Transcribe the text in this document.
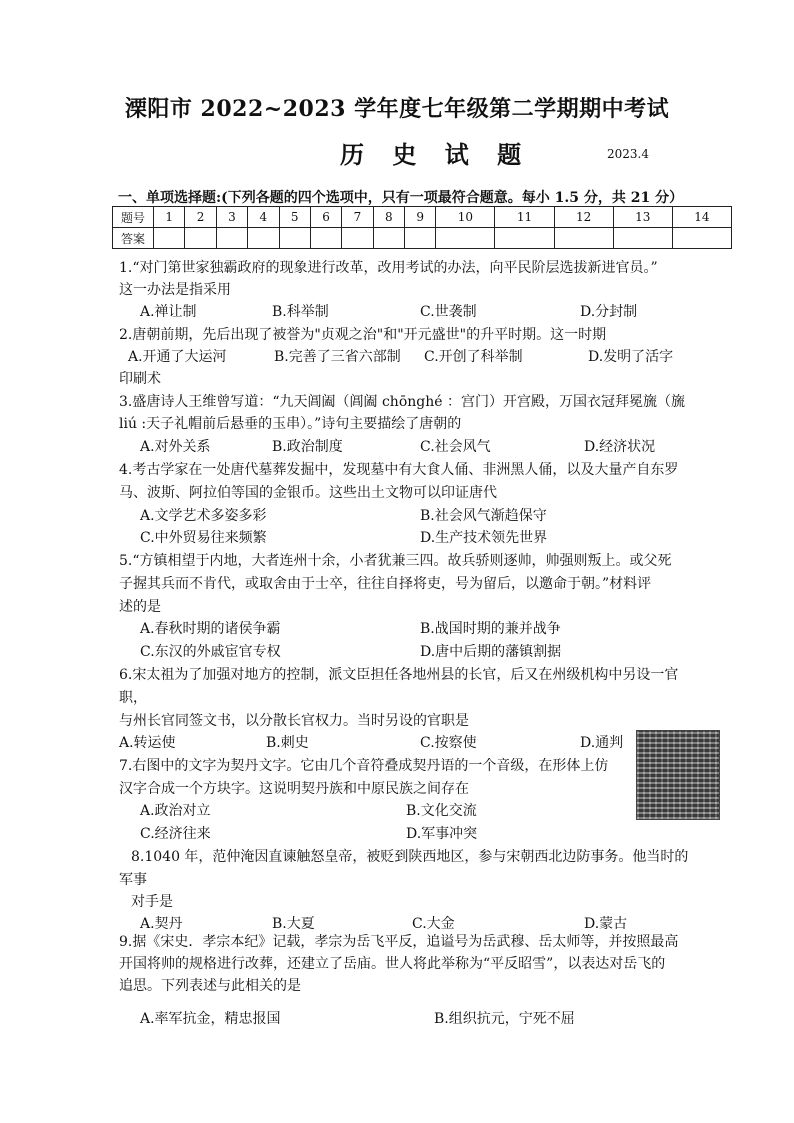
溧阳市 2022~2023 学年度七年级第二学期期中考试
历 史 试 题	2023.4
一、单项选择题:(下列各题的四个选项中，只有一项最符合题意。每小 1.5 分，共 21 分）
题号	1	2	3	4	5	6	7	8	9	10	11	12	13	14
答案														
1.“对门第世家独霸政府的现象进行改革，改用考试的办法，向平民阶层选拔新进官员。”
这一办法是指采用
A.禅让制	B.科举制	C.世袭制	D.分封制
2.唐朝前期，先后出现了被誉为"贞观之治"和"开元盛世"的升平时期。这一时期
A.开通了大运河	B.完善了三省六部制 C.开创了科举制	D.发明了活字
印刷术
3.盛唐诗人王维曾写道：“九天阊阖（阊阖 chōnghé ：宫门）开宫殿，万国衣冠拜冕旒（旒
liú :天子礼帽前后悬垂的玉串）。”诗句主要描绘了唐朝的
A.对外关系	B.政治制度	C.社会风气	D.经济状况
4.考古学家在一处唐代墓葬发掘中，发现墓中有大食人俑、非洲黑人俑，以及大量产自东罗
马、波斯、阿拉伯等国的金银币。这些出土文物可以印证唐代
A.文学艺术多姿多彩	B.社会风气渐趋保守
C.中外贸易往来频繁	D.生产技术领先世界
5.“方镇相望于内地，大者连州十余，小者犹兼三四。故兵骄则逐帅，帅强则叛上。或父死
子握其兵而不肯代，或取舍由于士卒，往往自择将吏，号为留后，以邀命于朝。”材料评
述的是
A.春秋时期的诸侯争霸	B.战国时期的兼并战争
C.东汉的外戚宦官专权	D.唐中后期的藩镇割据
6.宋太祖为了加强对地方的控制，派文臣担任各地州县的长官，后又在州级机构中另设一官
职，
与州长官同签文书，以分散长官权力。当时另设的官职是
A.转运使	B.刺史	C.按察使	D.通判
7.右图中的文字为契丹文字。它由几个音符叠成契丹语的一个音级，在形体上仿
汉字合成一个方块字。这说明契丹族和中原民族之间存在
A.政治对立	B.文化交流
C.经济往来	D.军事冲突
8.1040 年，范仲淹因直谏触怒皇帝，被贬到陕西地区，参与宋朝西北边防事务。他当时的
军事
对手是
A.契丹	B.大夏	C.大金	D.蒙古
9.据《宋史．孝宗本纪》记载，孝宗为岳飞平反，追谥号为岳武穆、岳太师等，并按照最高
开国将帅的规格进行改葬，还建立了岳庙。世人将此举称为“平反昭雪”，以表达对岳飞的
追思。下列表述与此相关的是
A.率军抗金，精忠报国	B.组织抗元，宁死不屈
